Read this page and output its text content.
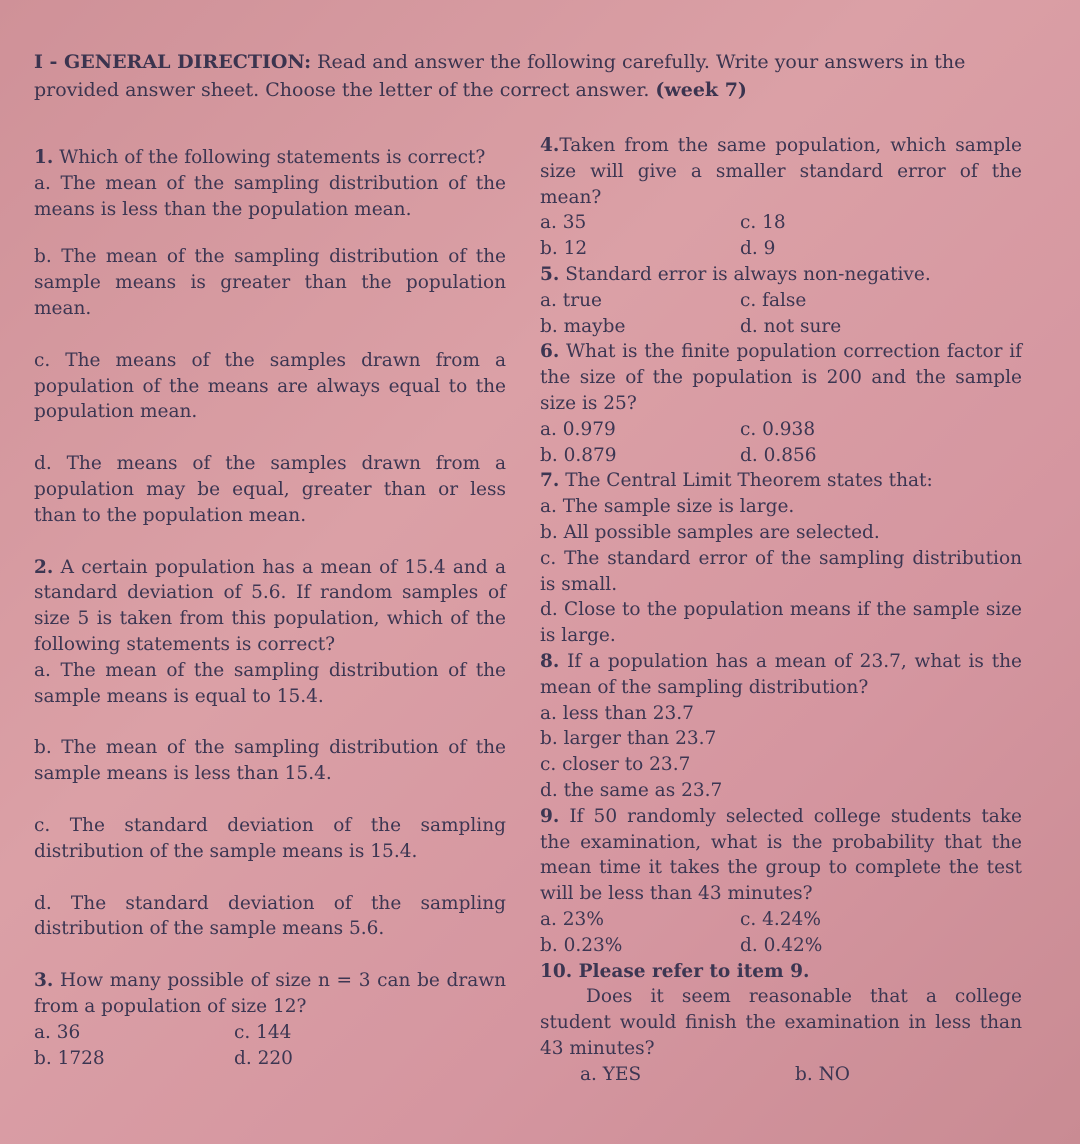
I - GENERAL DIRECTION: Read and answer the following carefully. Write your answers in the provided answer sheet. Choose the letter of the correct answer. (week 7)

1. Which of the following statements is correct?

a. The mean of the sampling distribution of the means is less than the population mean.

b. The mean of the sampling distribution of the sample means is greater than the population mean.

c. The means of the samples drawn from a population of the means are always equal to the population mean.

d. The means of the samples drawn from a population may be equal, greater than or less than to the population mean.

2. A certain population has a mean of 15.4 and a standard deviation of 5.6. If random samples of size 5 is taken from this population, which of the following statements is correct?

a. The mean of the sampling distribution of the sample means is equal to 15.4.

b. The mean of the sampling distribution of the sample means is less than 15.4.

c. The standard deviation of the sampling distribution of the sample means is 15.4.

d. The standard deviation of the sampling distribution of the sample means 5.6.

3. How many possible of size n = 3 can be drawn from a population of size 12?

a. 36	c. 144
b. 1728	d. 220

4.Taken from the same population, which sample size will give a smaller standard error of the mean?

a. 35	c. 18
b. 12	d. 9

5. Standard error is always non-negative.

a. true	c. false
b. maybe	d. not sure

6. What is the finite population correction factor if the size of the population is 200 and the sample size is 25?

a. 0.979	c. 0.938
b. 0.879	d. 0.856

7. The Central Limit Theorem states that:

a. The sample size is large.

b. All possible samples are selected.

c. The standard error of the sampling distribution is small.

d. Close to the population means if the sample size is large.

8. If a population has a mean of 23.7, what is the mean of the sampling distribution?

a. less than 23.7

b. larger than 23.7

c. closer to 23.7

d. the same as 23.7

9. If 50 randomly selected college students take the examination, what is the probability that the mean time it takes the group to complete the test will be less than 43 minutes?

a. 23%	c. 4.24%
b. 0.23%	d. 0.42%

10. Please refer to item 9.

Does it seem reasonable that a college student would finish the examination in less than 43 minutes?

a. YES	b. NO
